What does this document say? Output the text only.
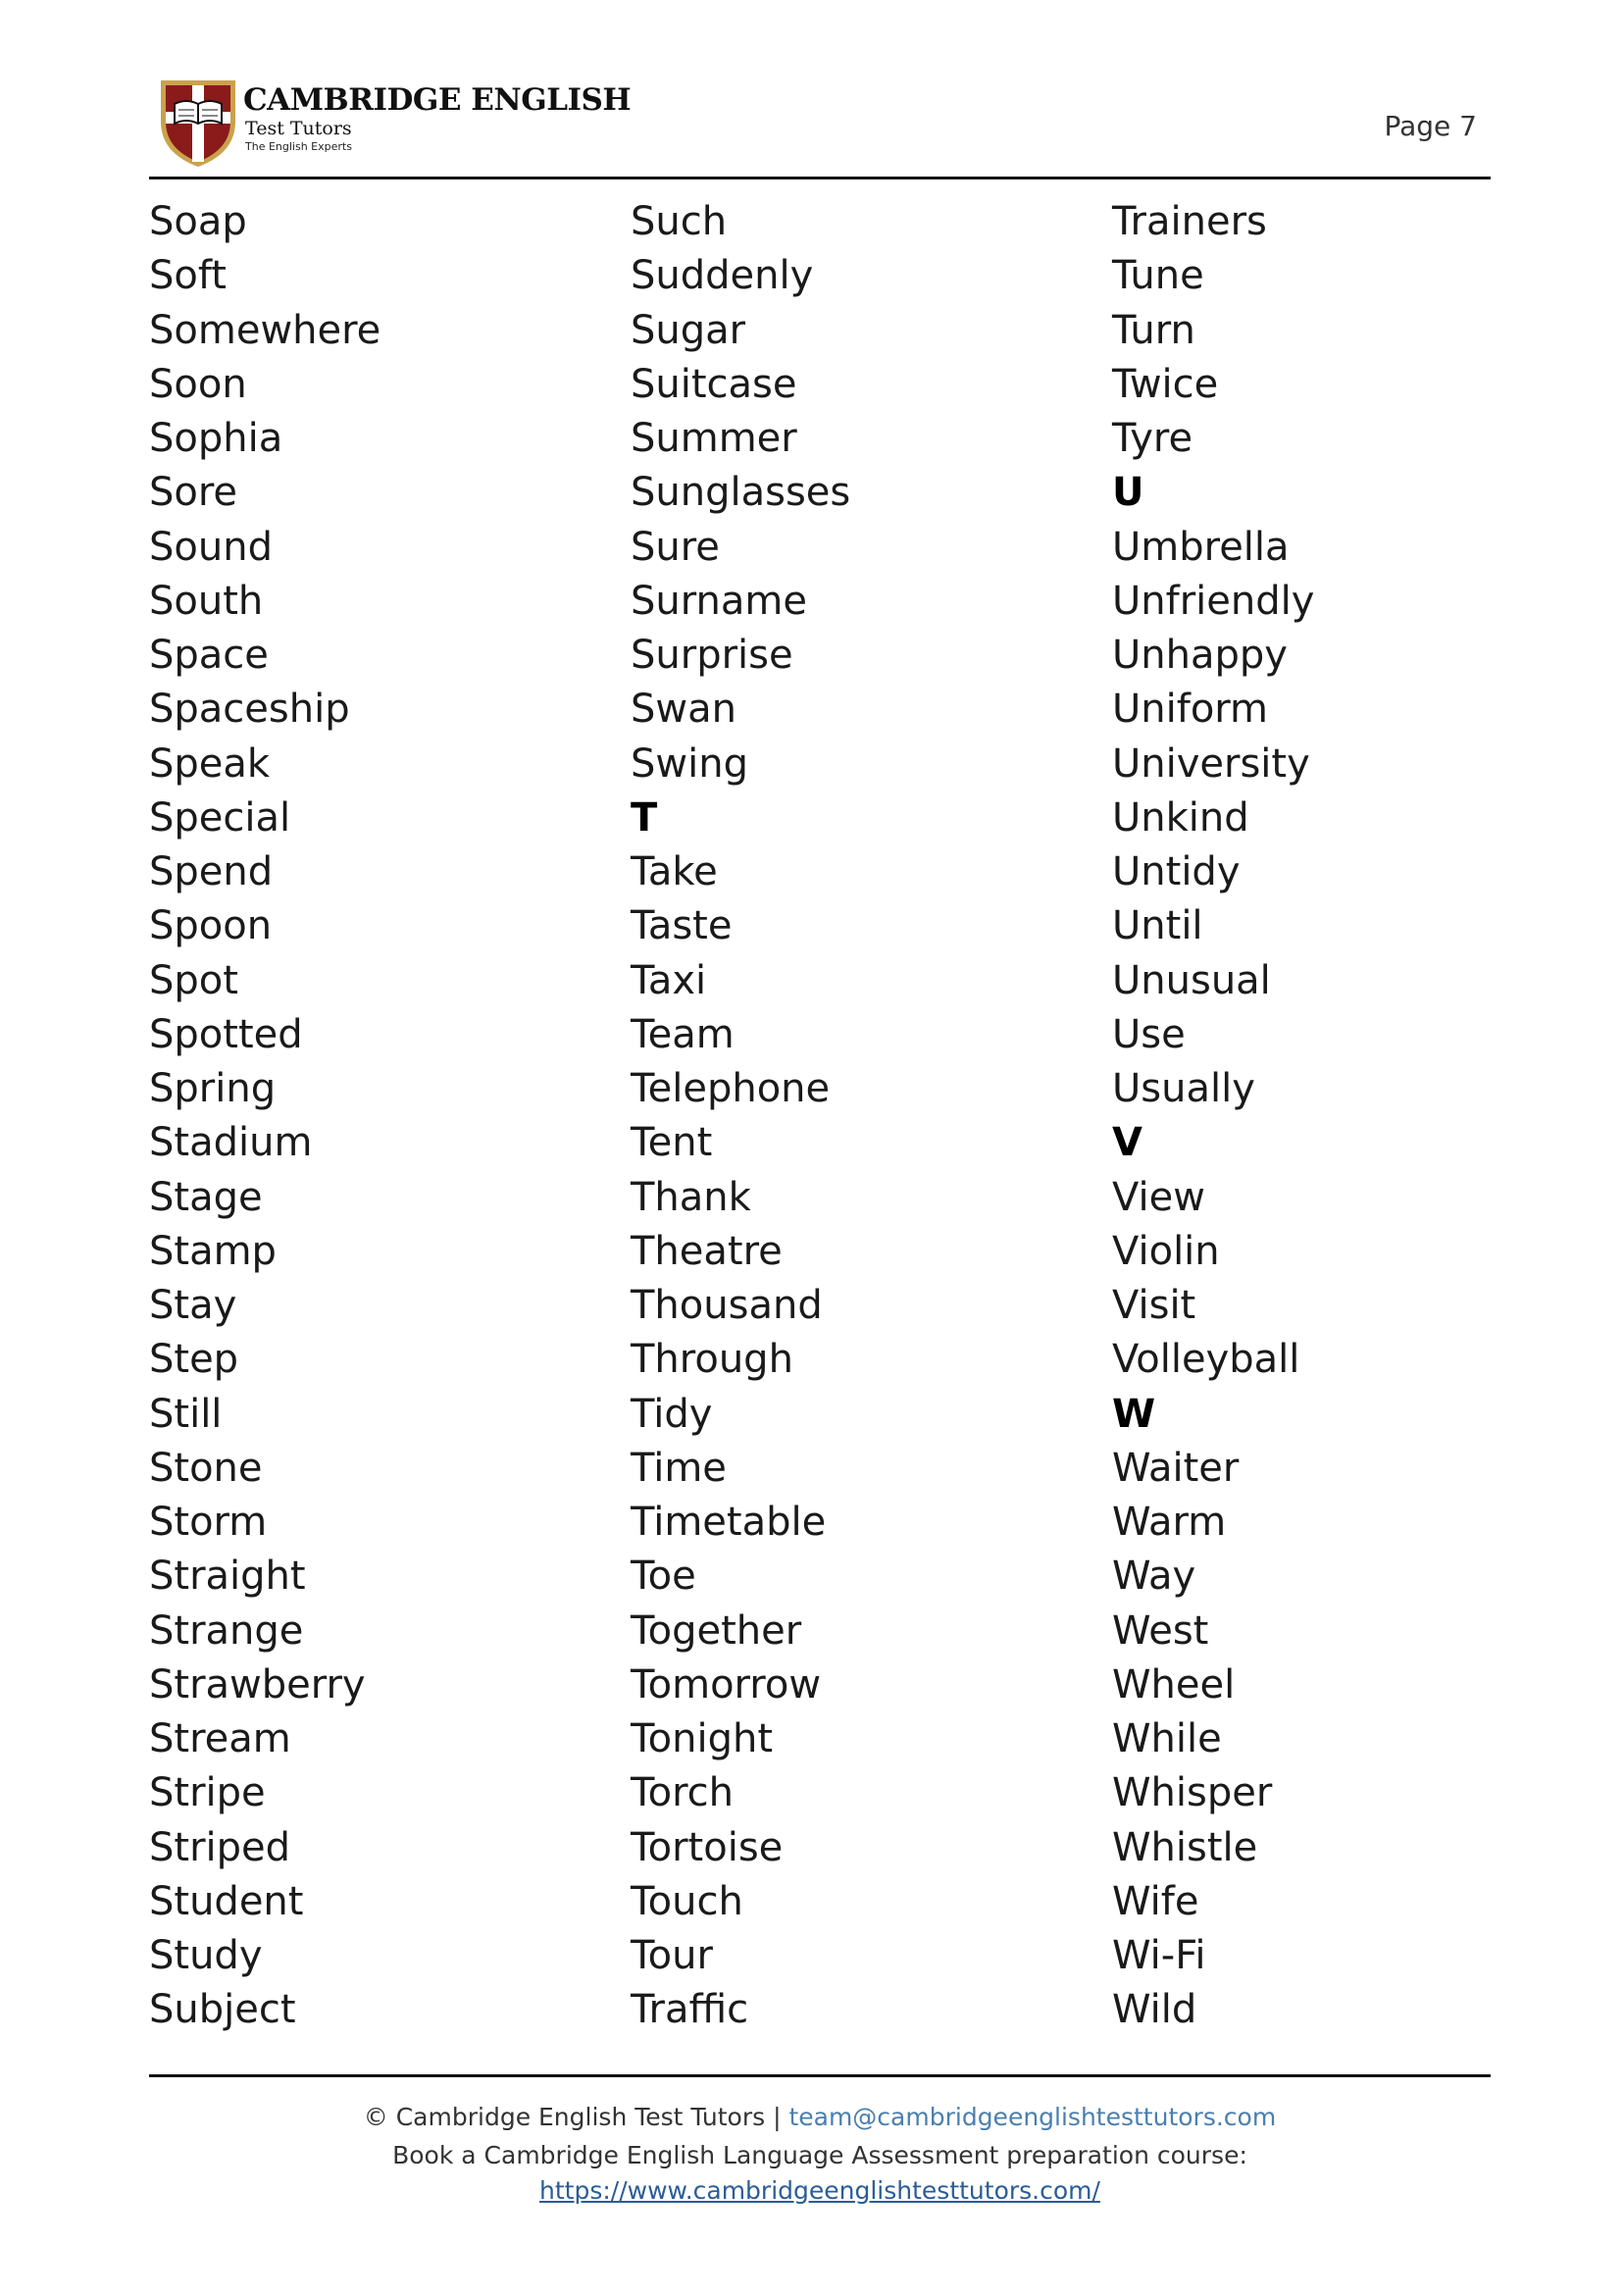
CAMBRIDGE ENGLISH
Test Tutors
The English Experts
Page 7
Soap
Soft
Somewhere
Soon
Sophia
Sore
Sound
South
Space
Spaceship
Speak
Special
Spend
Spoon
Spot
Spotted
Spring
Stadium
Stage
Stamp
Stay
Step
Still
Stone
Storm
Straight
Strange
Strawberry
Stream
Stripe
Striped
Student
Study
Subject
Such
Suddenly
Sugar
Suitcase
Summer
Sunglasses
Sure
Surname
Surprise
Swan
Swing
T
Take
Taste
Taxi
Team
Telephone
Tent
Thank
Theatre
Thousand
Through
Tidy
Time
Timetable
Toe
Together
Tomorrow
Tonight
Torch
Tortoise
Touch
Tour
Traffic
Trainers
Tune
Turn
Twice
Tyre
U
Umbrella
Unfriendly
Unhappy
Uniform
University
Unkind
Untidy
Until
Unusual
Use
Usually
V
View
Violin
Visit
Volleyball
W
Waiter
Warm
Way
West
Wheel
While
Whisper
Whistle
Wife
Wi-Fi
Wild
© Cambridge English Test Tutors | team@cambridgeenglishtesttutors.com
Book a Cambridge English Language Assessment preparation course:
https://www.cambridgeenglishtesttutors.com/
